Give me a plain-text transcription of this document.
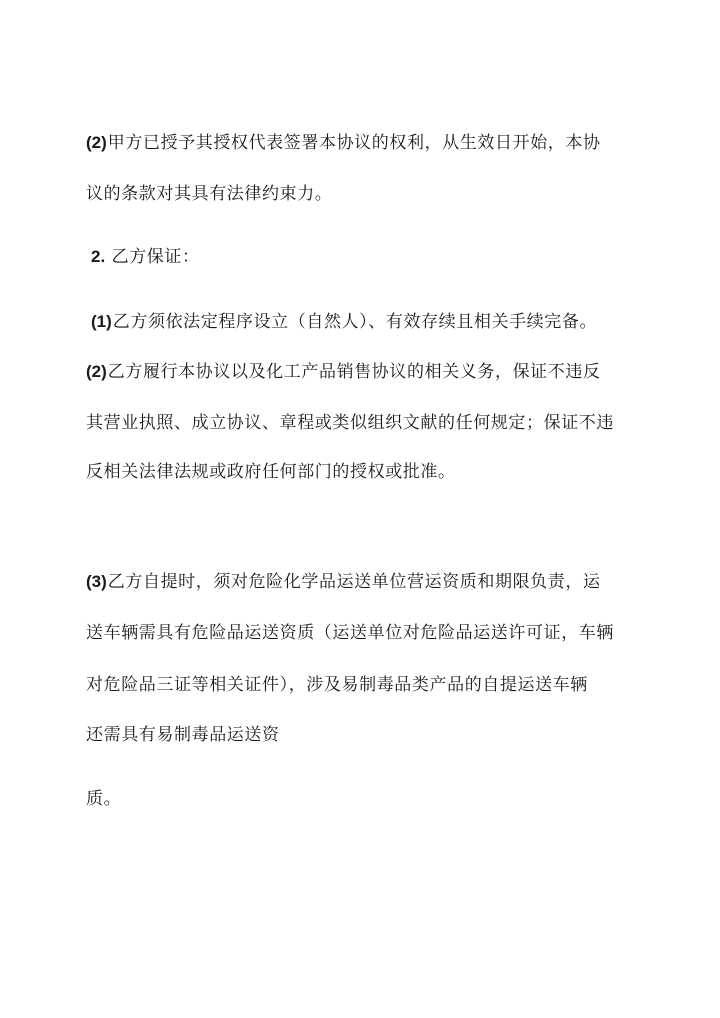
(2)甲方已授予其授权代表签署本协议的权利，从生效日开始，本协
议的条款对其具有法律约束力。
2. 乙方保证：
(1)乙方须依法定程序设立（自然人）、有效存续且相关手续完备。
(2)乙方履行本协议以及化工产品销售协议的相关义务，保证不违反
其营业执照、成立协议、章程或类似组织文献的任何规定；保证不违
反相关法律法规或政府任何部门的授权或批准。
(3)乙方自提时，须对危险化学品运送单位营运资质和期限负责，运
送车辆需具有危险品运送资质（运送单位对危险品运送许可证，车辆
对危险品三证等相关证件），涉及易制毒品类产品的自提运送车辆
还需具有易制毒品运送资
质。
